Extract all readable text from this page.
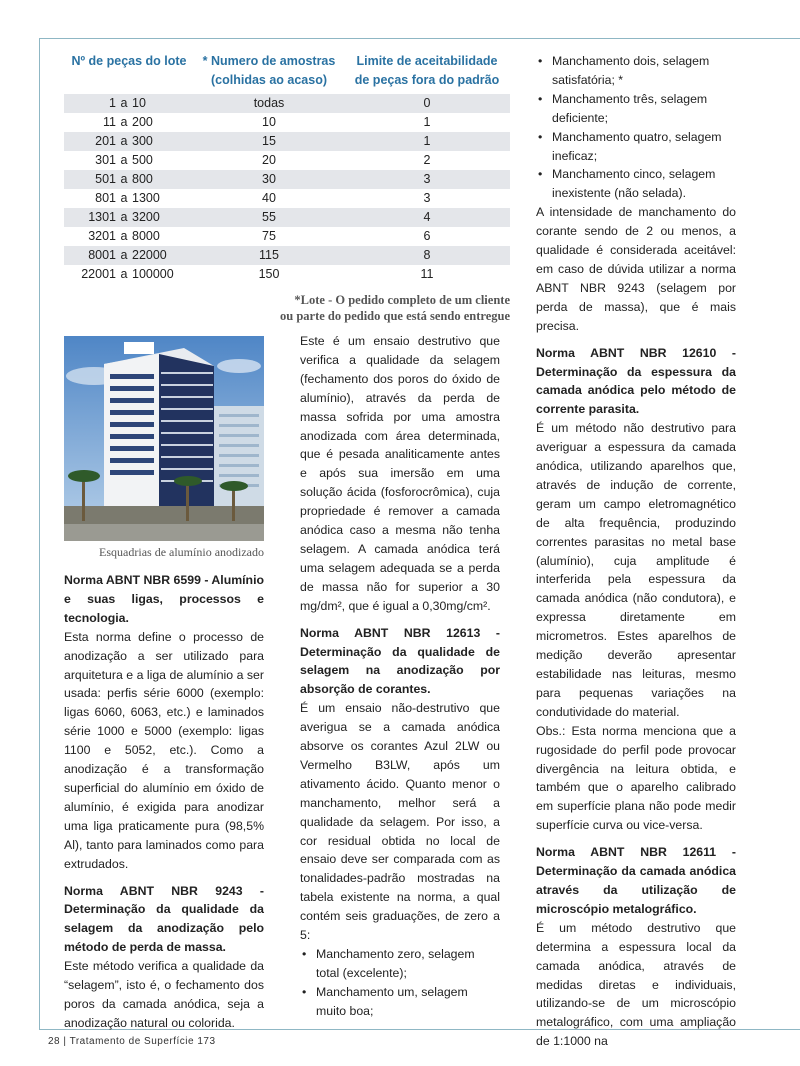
Nº de peças do lote	* Numero de amostras
(colhidas ao acaso)
Limite de aceitabilidade
de peças fora do padrão
1 a 10	todas	0
11 a 200	10	1
201 a 300	15	1
301 a 500	20	2
501 a 800	30	3
801 a 1300	40	3
1301 a 3200	55	4
3201 a 8000	75	6
8001 a 22000	115	8
22001 a 100000	150	11
*Lote - O pedido completo de um cliente
ou parte do pedido que está sendo entregue
Esquadrias de alumínio anodizado
Norma ABNT NBR 6599 - Alumínio e suas ligas, processos e tecnologia.

Esta norma define o processo de anodização a ser utilizado para arquitetura e a liga de alumínio a ser usada: perfis série 6000 (exemplo: ligas 6060, 6063, etc.) e laminados série 1000 e 5000 (exemplo: ligas 1100 e 5052, etc.). Como a anodização é a transformação superficial do alumínio em óxido de alumínio, é exigida para anodizar uma liga praticamente pura (98,5% Al), tanto para laminados como para extrudados.

Norma ABNT NBR 9243 - Determinação da qualidade da selagem da anodização pelo método de perda de massa.

Este método verifica a qualidade da “selagem”, isto é, o fechamento dos poros da camada anódica, seja a anodização natural ou colorida.

Este é um ensaio destrutivo que verifica a qualidade da selagem (fechamento dos poros do óxido de alumínio), através da perda de massa sofrida por uma amostra anodizada com área determinada, que é pesada analiticamente antes e após sua imersão em uma solução ácida (fosforocrômica), cuja propriedade é remover a camada anódica caso a mesma não tenha selagem. A camada anódica terá uma selagem adequada se a perda de massa não for superior a 30 mg/dm², que é igual a 0,30mg/cm².

Norma ABNT NBR 12613 - Determinação da qualidade de selagem na anodização por absorção de corantes.

É um ensaio não-destrutivo que averigua se a camada anódica absorve os corantes Azul 2LW ou Vermelho B3LW, após um ativamento ácido. Quanto menor o manchamento, melhor será a qualidade da selagem. Por isso, a cor residual obtida no local de ensaio deve ser comparada com as tonalidades-padrão mostradas na tabela existente na norma, a qual contém seis graduações, de zero a 5:

• Manchamento zero, selagem total (excelente);
• Manchamento um, selagem muito boa;
• Manchamento dois, selagem satisfatória; *
• Manchamento três, selagem deficiente;
• Manchamento quatro, selagem ineficaz;
• Manchamento cinco, selagem inexistente (não selada).

A intensidade de manchamento do corante sendo de 2 ou menos, a qualidade é considerada aceitável: em caso de dúvida utilizar a norma ABNT NBR 9243 (selagem por perda de massa), que é mais precisa.

Norma ABNT NBR 12610 - Determinação da espessura da camada anódica pelo método de corrente parasita.

É um método não destrutivo para averiguar a espessura da camada anódica, utilizando aparelhos que, através de indução de corrente, geram um campo eletromagnético de alta frequência, produzindo correntes parasitas no metal base (alumínio), cuja amplitude é interferida pela espessura da camada anódica (não condutora), e expressa diretamente em micrometros. Estes aparelhos de medição deverão apresentar estabilidade nas leituras, mesmo para pequenas variações na condutividade do material.

Obs.: Esta norma menciona que a rugosidade do perfil pode provocar divergência na leitura obtida, e também que o aparelho calibrado em superfície plana não pode medir superfície curva ou vice-versa.

Norma ABNT NBR 12611 - Determinação da camada anódica através da utilização de microscópio metalográfico.

É um método destrutivo que determina a espessura local da camada anódica, através de medidas diretas e individuais, utilizando-se de um microscópio metalográfico, com uma ampliação de 1:1000 na

28 | Tratamento de Superfície 173
